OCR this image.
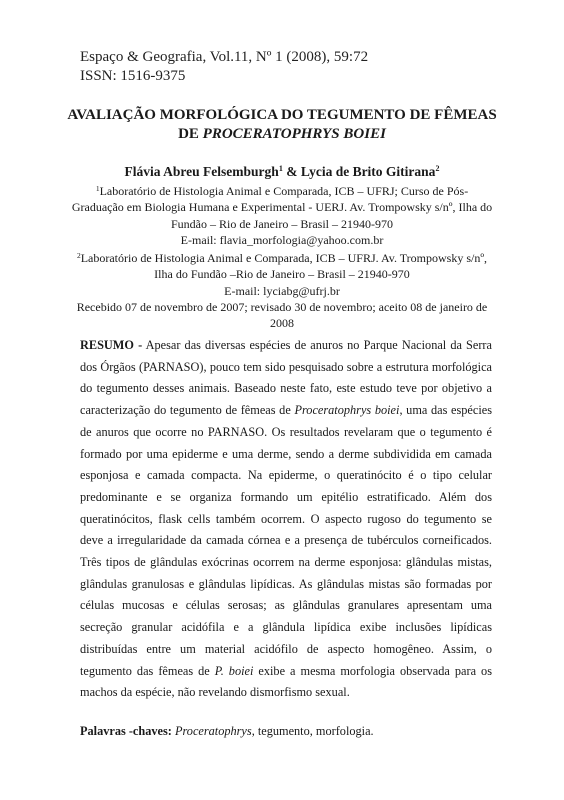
Espaço & Geografia, Vol.11, Nº 1 (2008), 59:72
ISSN: 1516-9375
AVALIAÇÃO MORFOLÓGICA DO TEGUMENTO DE FÊMEAS
DE PROCERATOPHRYS BOIEI
Flávia Abreu Felsemburgh$^1$ & Lycia de Brito Gitirana$^2$
$^1$Laboratório de Histologia Animal e Comparada, ICB – UFRJ; Curso de Pós-
Graduação em Biologia Humana e Experimental - UERJ. Av. Trompowsky s/nº, Ilha do
Fundão – Rio de Janeiro – Brasil – 21940-970
E-mail: flavia_morfologia@yahoo.com.br
$^2$Laboratório de Histologia Animal e Comparada, ICB – UFRJ. Av. Trompowsky s/nº,
Ilha do Fundão –Rio de Janeiro – Brasil – 21940-970
E-mail: lyciabg@ufrj.br
Recebido 07 de novembro de 2007; revisado 30 de novembro; aceito 08 de janeiro de 2008
RESUMO - Apesar das diversas espécies de anuros no Parque Nacional da Serra dos Órgãos (PARNASO), pouco tem sido pesquisado sobre a estrutura morfológica do tegumento desses animais. Baseado neste fato, este estudo teve por objetivo a caracterização do tegumento de fêmeas de Proceratophrys boiei, uma das espécies de anuros que ocorre no PARNASO. Os resultados revelaram que o tegumento é formado por uma epiderme e uma derme, sendo a derme subdividida em camada esponjosa e camada compacta. Na epiderme, o queratinócito é o tipo celular predominante e se organiza formando um epitélio estratificado. Além dos queratinócitos, flask cells também ocorrem. O aspecto rugoso do tegumento se deve a irregularidade da camada córnea e a presença de tubérculos corneificados. Três tipos de glândulas exócrinas ocorrem na derme esponjosa: glândulas mistas, glândulas granulosas e glândulas lipídicas. As glândulas mistas são formadas por células mucosas e células serosas; as glândulas granulares apresentam uma secreção granular acidófila e a glândula lipídica exibe inclusões lipídicas distribuídas entre um material acidófilo de aspecto homogêneo. Assim, o tegumento das fêmeas de P. boiei exibe a mesma morfologia observada para os machos da espécie, não revelando dismorfismo sexual.
Palavras -chaves: Proceratophrys, tegumento, morfologia.
